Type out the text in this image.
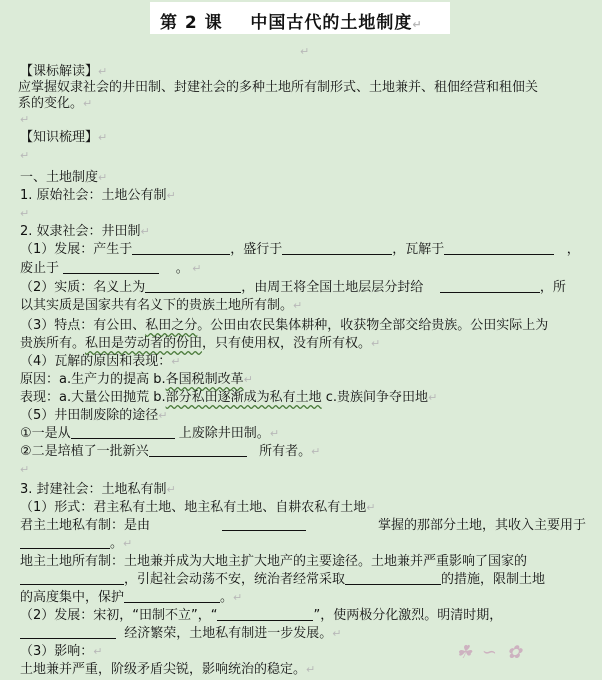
第 2 课    中国古代的土地制度↵
↵
【课标解读】↵
应掌握奴隶社会的井田制、封建社会的多种土地所有制形式、土地兼并、租佃经营和租佃关
系的变化。↵
↵
【知识梳理】↵
↵
一、土地制度↵
1. 原始社会：土地公有制↵
↵
2. 奴隶社会：井田制↵
（1）发展：产生于	，盛行于	，瓦解于	，
废止于	。 ↵
（2）实质：名义上为	，由周王将全国土地层层分封给	，所
以其实质是国家共有名义下的贵族土地所有制。↵
（3）特点：有公田、私田之分。公田由农民集体耕种，收获物全部交给贵族。公田实际上为
贵族所有。私田是劳动者的份田，只有使用权，没有所有权。↵
（4）瓦解的原因和表现：↵
原因：a.生产力的提高 b.各国税制改革↵
表现：a.大量公田抛荒 b.部分私田逐渐成为私有土地 c.贵族间争夺田地↵
（5）井田制废除的途径↵
①一是从	上废除井田制。↵
②二是培植了一批新兴	所有者。↵
↵
3. 封建社会：土地私有制↵
（1）形式：君主私有土地、地主私有土地、自耕农私有土地↵
君主土地私有制：是由	掌握的那部分土地，其收入主要用于
。↵
地主土地所有制：土地兼并成为大地主扩大地产的主要途径。土地兼并严重影响了国家的
，引起社会动荡不安，统治者经常采取	的措施，限制土地
的高度集中，保护	。↵
（2）发展：宋初，“田制不立”，“	”，使两极分化激烈。明清时期，
经济繁荣，土地私有制进一步发展。↵
（3）影响：↵
土地兼并严重，阶级矛盾尖锐，影响统治的稳定。↵
☘ ∽ ✿
